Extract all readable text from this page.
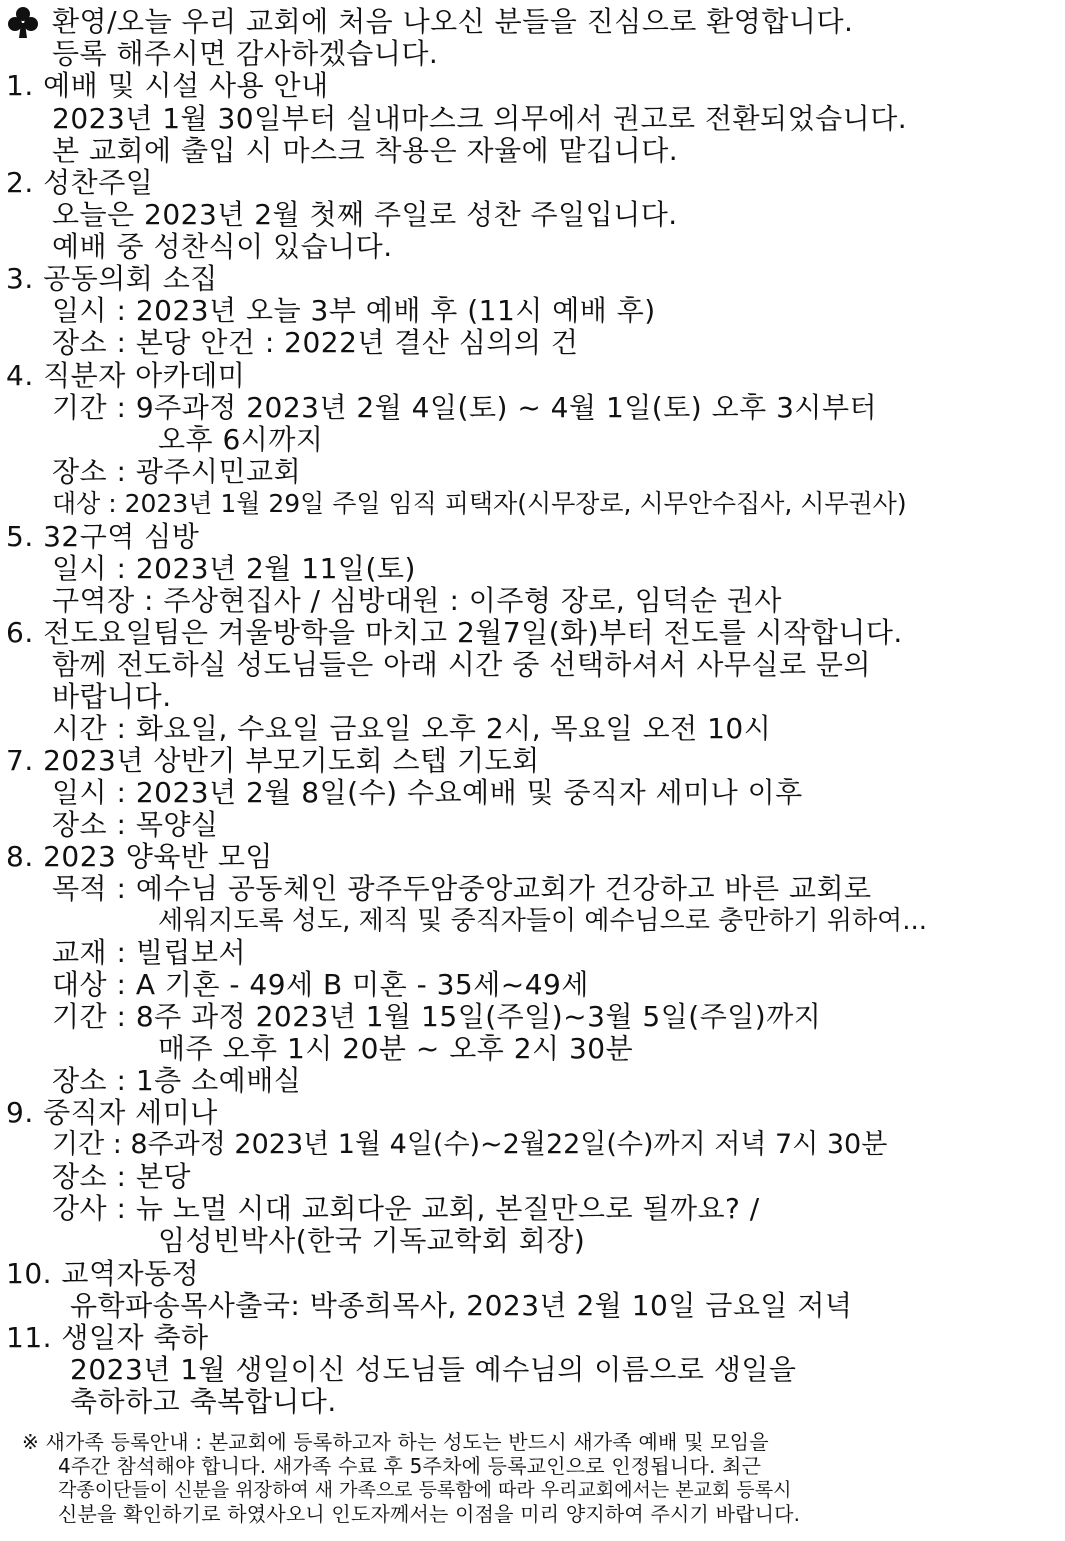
환영/오늘 우리 교회에 처음 나오신 분들을 진심으로 환영합니다.
등록 해주시면 감사하겠습니다.
1. 예배 및 시설 사용 안내
2023년 1월 30일부터 실내마스크 의무에서 권고로 전환되었습니다.
본 교회에 출입 시 마스크 착용은 자율에 맡깁니다.
2. 성찬주일
오늘은 2023년 2월 첫째 주일로 성찬 주일입니다.
예배 중 성찬식이 있습니다.
3. 공동의회 소집
일시 : 2023년 오늘 3부 예배 후 (11시 예배 후)
장소 : 본당 안건 : 2022년 결산 심의의 건
4. 직분자 아카데미
기간 : 9주과정 2023년 2월 4일(토) ~ 4월 1일(토) 오후 3시부터
오후 6시까지
장소 : 광주시민교회
대상 : 2023년 1월 29일 주일 임직 피택자(시무장로, 시무안수집사, 시무권사)
5. 32구역 심방
일시 : 2023년 2월 11일(토)
구역장 : 주상현집사 / 심방대원 : 이주형 장로, 임덕순 권사
6. 전도요일팀은 겨울방학을 마치고 2월7일(화)부터 전도를 시작합니다.
함께 전도하실 성도님들은 아래 시간 중 선택하셔서 사무실로 문의
바랍니다.
시간 : 화요일, 수요일 금요일 오후 2시, 목요일 오전 10시
7. 2023년 상반기 부모기도회 스텝 기도회
일시 : 2023년 2월 8일(수) 수요예배 및 중직자 세미나 이후
장소 : 목양실
8. 2023 양육반 모임
목적 : 예수님 공동체인 광주두암중앙교회가 건강하고 바른 교회로
세워지도록 성도, 제직 및 중직자들이 예수님으로 충만하기 위하여...
교재 : 빌립보서
대상 : A 기혼 - 49세 B 미혼 - 35세~49세
기간 : 8주 과정 2023년 1월 15일(주일)~3월 5일(주일)까지
매주 오후 1시 20분 ~ 오후 2시 30분
장소 : 1층 소예배실
9. 중직자 세미나
기간 : 8주과정 2023년 1월 4일(수)~2월22일(수)까지 저녁 7시 30분
장소 : 본당
강사 : 뉴 노멀 시대 교회다운 교회, 본질만으로 될까요? /
임성빈박사(한국 기독교학회 회장)
10. 교역자동정
유학파송목사출국: 박종희목사, 2023년 2월 10일 금요일 저녁
11. 생일자 축하
2023년 1월 생일이신 성도님들 예수님의 이름으로 생일을
축하하고 축복합니다.
※ 새가족 등록안내 : 본교회에 등록하고자 하는 성도는 반드시 새가족 예배 및 모임을
4주간 참석해야 합니다. 새가족 수료 후 5주차에 등록교인으로 인정됩니다. 최근
각종이단들이 신분을 위장하여 새 가족으로 등록함에 따라 우리교회에서는 본교회 등록시
신분을 확인하기로 하였사오니 인도자께서는 이점을 미리 양지하여 주시기 바랍니다.
